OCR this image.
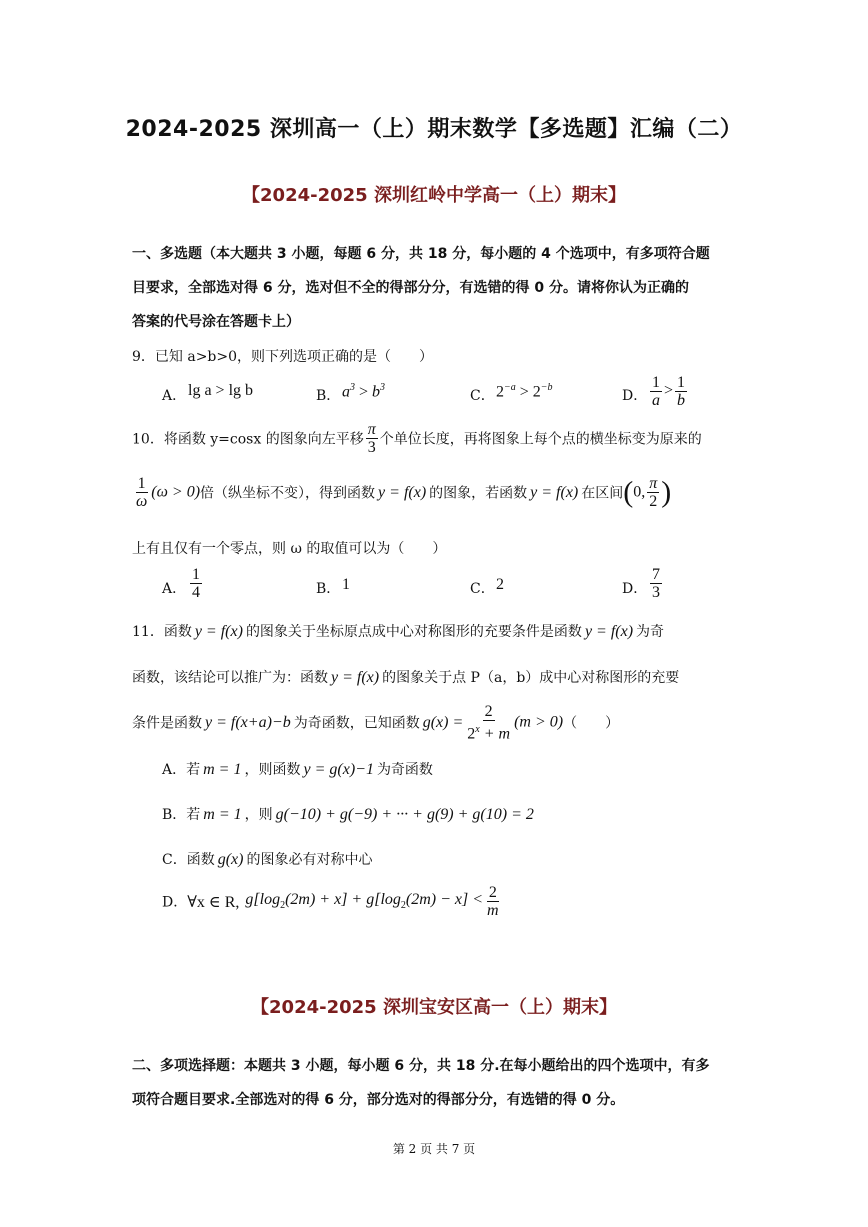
2024-2025 深圳高一（上）期末数学【多选题】汇编（二）
【2024-2025 深圳红岭中学高一（上）期末】
一、多选题（本大题共 3 小题，每题 6 分，共 18 分，每小题的 4 个选项中，有多项符合题
目要求，全部选对得 6 分，选对但不全的得部分分，有选错的得 0 分。请将你认为正确的
答案的代号涂在答题卡上）
9．已知 a>b>0，则下列选项正确的是（　　）
A． lg a > lg b	B． $a^3 > b^3$
C． $2^{-a} > 2^{-b}$
D． $\frac{1}{a} > \frac{1}{b}$
10．将函数 y=cosx 的图象向左平移 $\frac{\pi}{3}$ 个单位长度，再将图象上每个点的横坐标变为原来的
$\frac{1}{\omega} (\omega > 0)$倍（纵坐标不变），得到函数 y = f(x) 的图象，若函数 y = f(x) 在区间(0, $\frac{\pi}{2}$ )
上有且仅有一个零点，则 ω 的取值可以为（　　）
A． $\frac{1}{4}$	B． 1	C． 2	D． $\frac{7}{3}$
11．函数 y = f(x) 的图象关于坐标原点成中心对称图形的充要条件是函数 y = f(x) 为奇
函数，该结论可以推广为：函数 y = f(x) 的图象关于点 P（a，b）成中心对称图形的充要
条件是函数 y = f(x+a)−b 为奇函数，已知函数 $g(x) = \frac{2}{2^x + m} (m > 0)$（　　）
A．若 m = 1 ，则函数 y = g(x)−1 为奇函数
B．若 m = 1 ，则 g(−10) + g(−9) + ··· + g(9) + g(10) = 2
C．函数 g(x) 的图象必有对称中心
D．∀x ∈ R, $g[\log_2(2m) + x] + g[\log_2(2m) - x] < \frac{2}{m}$
【2024-2025 深圳宝安区高一（上）期末】
二、多项选择题：本题共 3 小题，每小题 6 分，共 18 分.在每小题给出的四个选项中，有多
项符合题目要求.全部选对的得 6 分，部分选对的得部分分，有选错的得 0 分。
第 2 页 共 7 页
